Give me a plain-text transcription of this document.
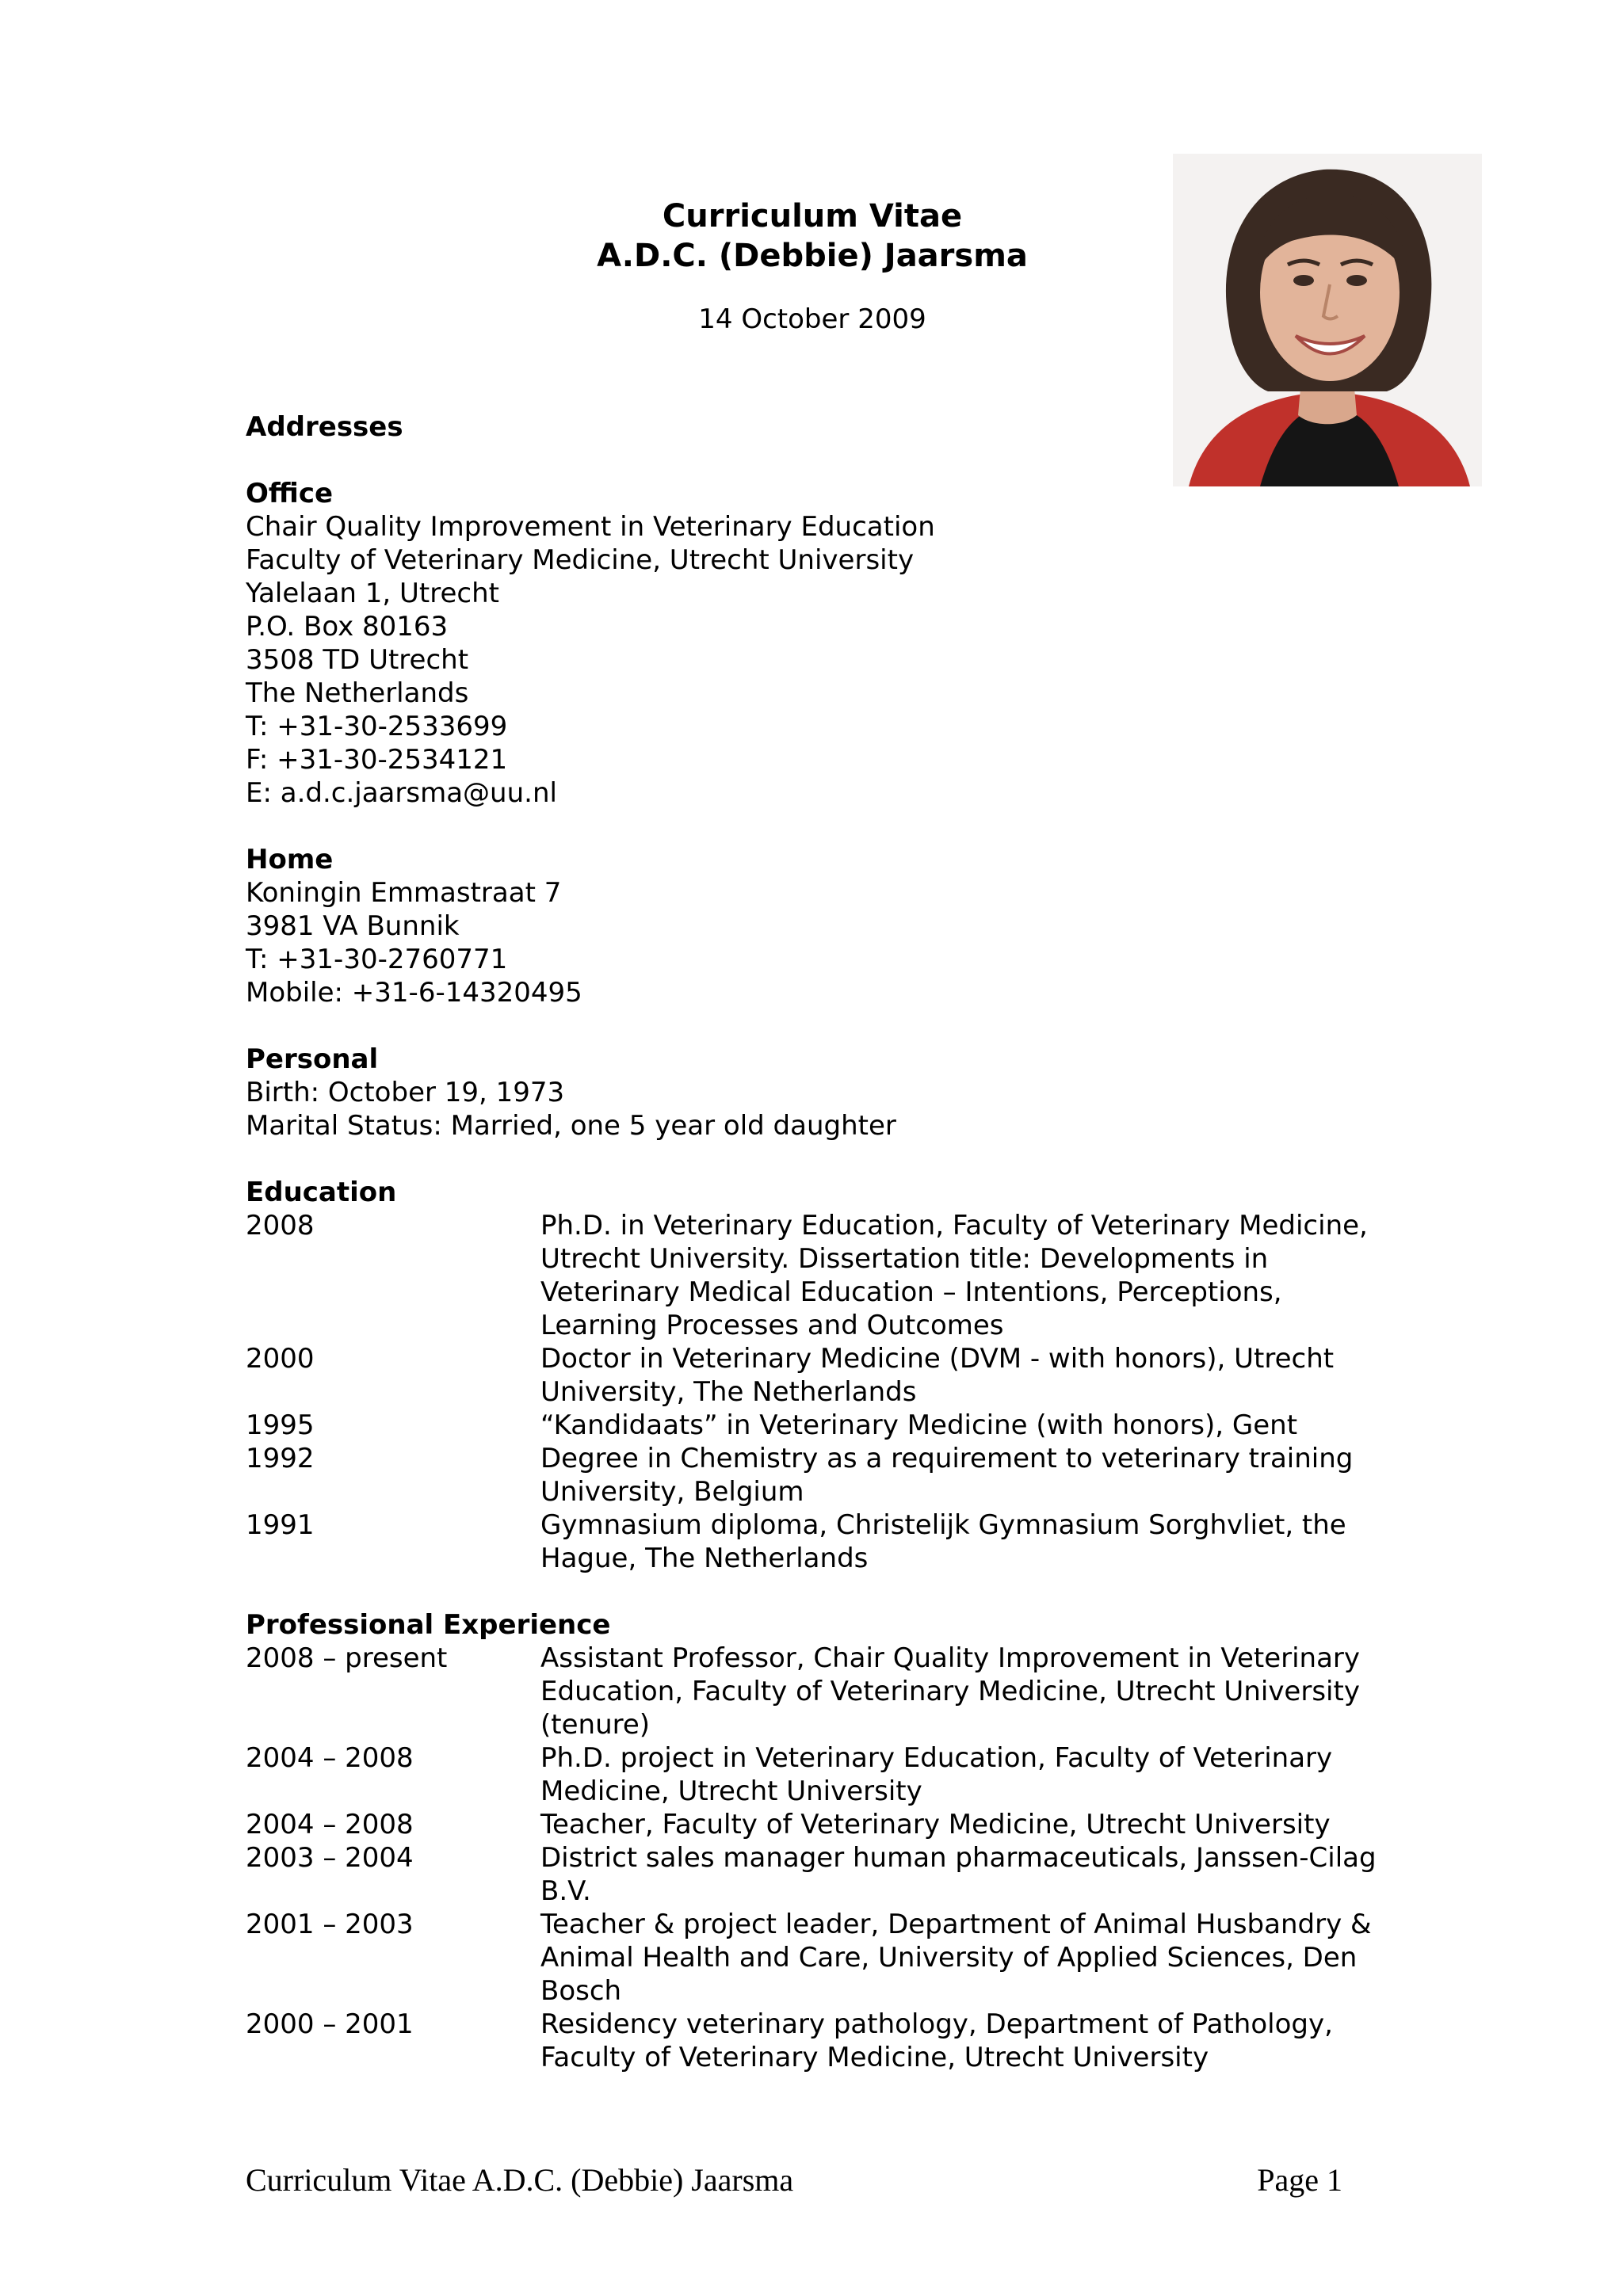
Curriculum Vitae
A.D.C. (Debbie) Jaarsma
14 October 2009
Addresses
Office
Chair Quality Improvement in Veterinary Education
Faculty of Veterinary Medicine, Utrecht University
Yalelaan 1, Utrecht
P.O. Box 80163
3508 TD Utrecht
The Netherlands
T: +31-30-2533699
F: +31-30-2534121
E: a.d.c.jaarsma@uu.nl
Home
Koningin Emmastraat 7
3981 VA Bunnik
T: +31-30-2760771
Mobile: +31-6-14320495
Personal
Birth: October 19, 1973
Marital Status: Married, one 5 year old daughter
Education
2008	Ph.D. in Veterinary Education, Faculty of Veterinary Medicine, Utrecht University. Dissertation title: Developments in Veterinary Medical Education – Intentions, Perceptions, Learning Processes and Outcomes
2000	Doctor in Veterinary Medicine (DVM - with honors), Utrecht University, The Netherlands
1995	“Kandidaats” in Veterinary Medicine (with honors), Gent
1992	Degree in Chemistry as a requirement to veterinary training University, Belgium
1991	Gymnasium diploma, Christelijk Gymnasium Sorghvliet, the Hague, The Netherlands
Professional Experience
2008 – present	Assistant Professor, Chair Quality Improvement in Veterinary Education, Faculty of Veterinary Medicine, Utrecht University (tenure)
2004 – 2008	Ph.D. project in Veterinary Education, Faculty of Veterinary Medicine, Utrecht University
2004 – 2008	Teacher, Faculty of Veterinary Medicine, Utrecht University
2003 – 2004	District sales manager human pharmaceuticals, Janssen-Cilag B.V.
2001 – 2003	Teacher & project leader, Department of Animal Husbandry & Animal Health and Care, University of Applied Sciences, Den Bosch
2000 – 2001	Residency veterinary pathology, Department of Pathology, Faculty of Veterinary Medicine, Utrecht University
Curriculum Vitae A.D.C. (Debbie) Jaarsma	Page 1
